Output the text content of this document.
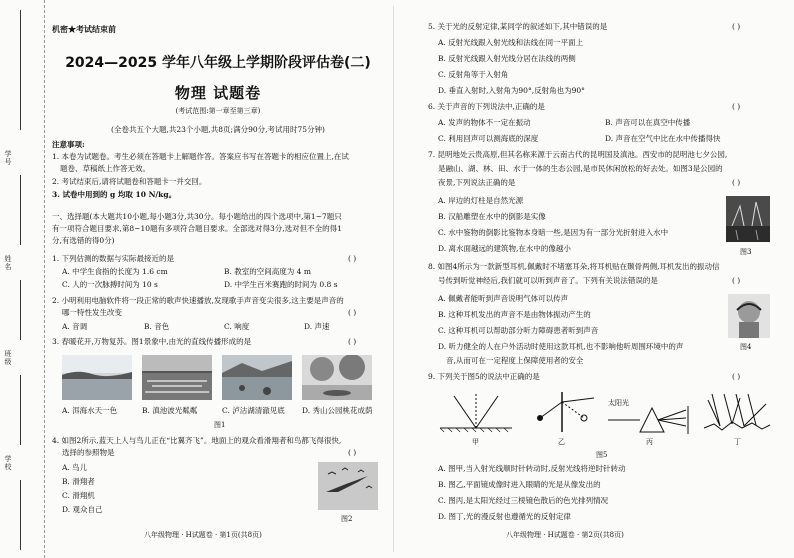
学号
姓名
班级
学校
机密★考试结束前
2024—2025 学年八年级上学期阶段评估卷(二)
物理 试题卷
(考试范围:第一章至第三章)
(全卷共五个大题,共23个小题,共8页;满分90分,考试用时75分钟)
注意事项:
1. 本卷为试题卷。考生必须在答题卡上解题作答。答案应书写在答题卡的相应位置上,在试
题卷、草稿纸上作答无效。
2. 考试结束后,请将试题卷和答题卡一并交回。
3. 试卷中用到的 g 均取 10 N/kg。
一、选择题(本大题共10小题,每小题3分,共30分。每小题给出的四个选项中,第1~7题只
有一项符合题目要求,第8~10题有多项符合题目要求。全部选对得3分,选对但不全的得1
分,有选错的得0分)
1. 下列估测的数据与实际最接近的是	( )
A. 中学生食指的长度为 1.6 cm	B. 教室的空间高度为 4 m
C. 人的一次脉搏时间为 10 s	D. 中学生百米赛跑的时间为 0.8 s
2. 小明利用电脑软件将一段正常的歌声快速播放,发现歌手声音变尖很多,这主要是声音的
哪一特性发生改变	( )
A. 音调	B. 音色	C. 响度	D. 声速
3. 春暖花开,万物复苏。图1景象中,由光的直线传播形成的是	( )
A. 洱海水天一色	B. 滇池波光粼粼	C. 泸沽湖清澈见底 D. 秀山公园桃花成荫
图1
4. 如图2所示,蓝天上人与鸟儿正在“比翼齐飞”。地面上的观众看滑翔者和鸟都飞得很快,
选择的参照物是	( )
A. 鸟儿
B. 滑翔者
C. 滑翔机
D. 观众自己
图2
八年级物理 · H试题卷 · 第1页(共8页)
5. 关于光的反射定律,某同学的叙述如下,其中错误的是	( )
A. 反射光线跟入射光线和法线在同一平面上
B. 反射光线跟入射光线分居在法线的两侧
C. 反射角等于入射角
D. 垂直入射时,入射角为90°,反射角也为90°
6. 关于声音的下列说法中,正确的是	( )
A. 发声的物体不一定在振动	B. 声音可以在真空中传播
C. 利用回声可以测海底的深度	D. 声音在空气中比在水中传播得快
7. 昆明地处云贵高原,但其名称来源于云南古代的昆明国及滇池。西安市的昆明池七夕公园,
是融山、湖、林、田、水于一体的生态公园,是市民休闲放松的好去处。如图3是公园的
夜景,下列说法正确的是	( )
A. 岸边的灯柱是自然光源
B. 汉船雕塑在水中的倒影是实像
C. 水中鉴物的倒影比鉴物本身暗一些,是因为有一部分光折射进入水中
D. 离水面越远的建筑物,在水中的像越小	图3
8. 如图4所示为一款新型耳机,佩戴时不堵塞耳朵,将耳机贴在颞骨两侧,耳机发出的振动信
号传到听觉神经后,我们就可以听到声音了。下列有关说法错误的是	( )
A. 佩戴者能听到声音说明气体可以传声
B. 这种耳机发出的声音不是由物体振动产生的
C. 这种耳机可以帮助部分听力障碍患者听到声音
D. 听力健全的人在户外活动时使用这款耳机,也不影响他听周围环境中的声
音,从而可在一定程度上保障使用者的安全
图4
9. 下列关于图5的说法中正确的是	( )
甲	乙
太阳光
丙	丁
图5
A. 图甲,当入射光线顺时针转动时,反射光线将逆时针转动
B. 图乙,平面镜成像时进入眼睛的光是从像发出的
C. 图丙,是太阳光经过三棱镜色散后的色光排列情况
D. 图丁,光的漫反射也遵循光的反射定律
八年级物理 · H试题卷 · 第2页(共8页)
